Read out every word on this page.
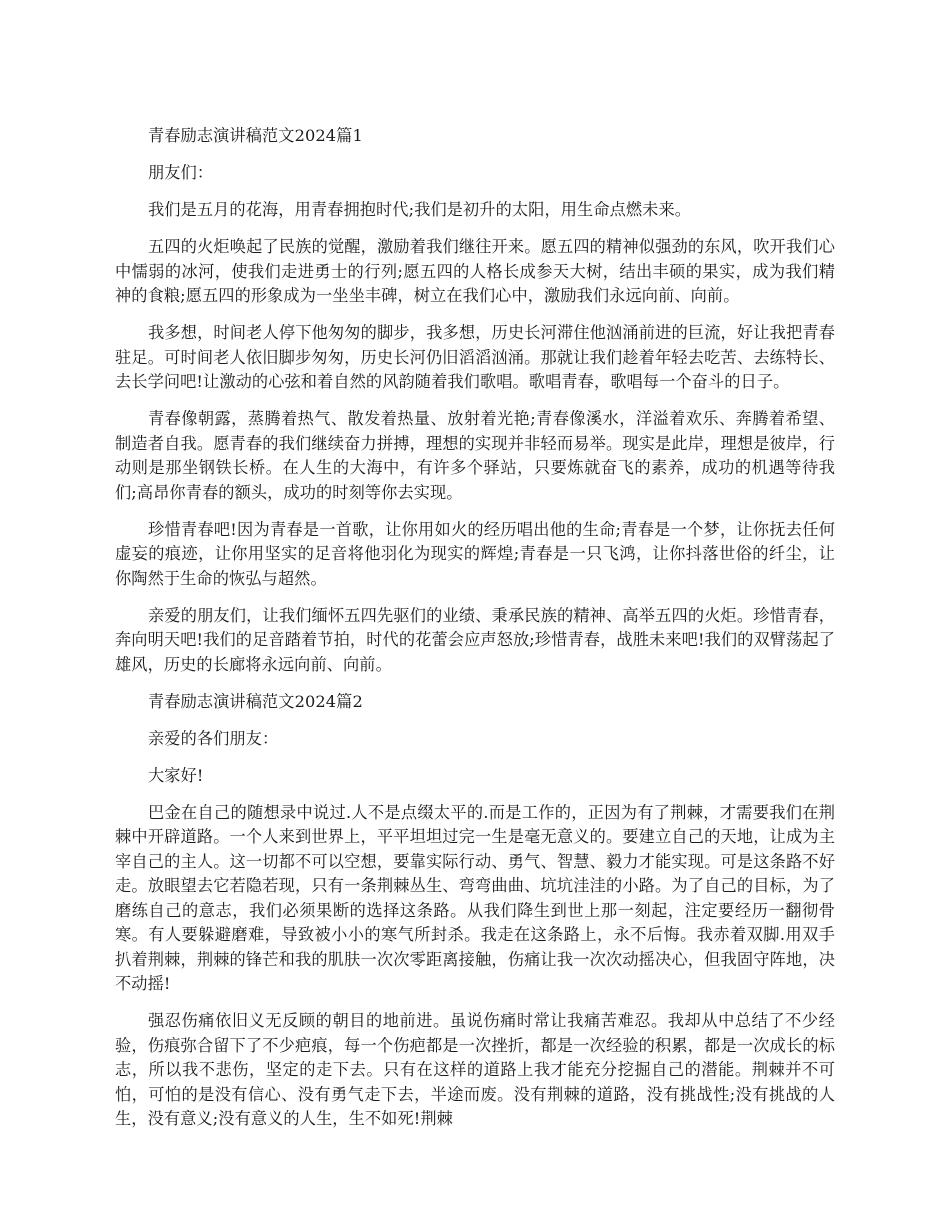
青春励志演讲稿范文2024篇1

朋友们：

我们是五月的花海，用青春拥抱时代;我们是初升的太阳，用生命点燃未来。

五四的火炬唤起了民族的觉醒，激励着我们继往开来。愿五四的精神似强劲的东风，吹开我们心中懦弱的冰河，使我们走进勇士的行列;愿五四的人格长成参天大树，结出丰硕的果实，成为我们精神的食粮;愿五四的形象成为一坐坐丰碑，树立在我们心中，激励我们永远向前、向前。

我多想，时间老人停下他匆匆的脚步，我多想，历史长河滞住他汹涌前进的巨流，好让我把青春驻足。可时间老人依旧脚步匆匆，历史长河仍旧滔滔汹涌。那就让我们趁着年轻去吃苦、去练特长、去长学问吧!让激动的心弦和着自然的风韵随着我们歌唱。歌唱青春，歌唱每一个奋斗的日子。

青春像朝露，蒸腾着热气、散发着热量、放射着光艳;青春像溪水，洋溢着欢乐、奔腾着希望、制造者自我。愿青春的我们继续奋力拼搏，理想的实现并非轻而易举。现实是此岸，理想是彼岸，行动则是那坐钢铁长桥。在人生的大海中，有许多个驿站，只要炼就奋飞的素养，成功的机遇等待我们;高昂你青春的额头，成功的时刻等你去实现。

珍惜青春吧!因为青春是一首歌，让你用如火的经历唱出他的生命;青春是一个梦，让你抚去任何虚妄的痕迹，让你用坚实的足音将他羽化为现实的辉煌;青春是一只飞鸿，让你抖落世俗的纤尘，让你陶然于生命的恢弘与超然。

亲爱的朋友们，让我们缅怀五四先驱们的业绩、秉承民族的精神、高举五四的火炬。珍惜青春，奔向明天吧!我们的足音踏着节拍，时代的花蕾会应声怒放;珍惜青春，战胜未来吧!我们的双臂荡起了雄风，历史的长廊将永远向前、向前。

青春励志演讲稿范文2024篇2

亲爱的各们朋友：

大家好!

巴金在自己的随想录中说过.人不是点缀太平的.而是工作的，正因为有了荆棘，才需要我们在荆棘中开辟道路。一个人来到世界上，平平坦坦过完一生是毫无意义的。要建立自己的天地，让成为主宰自己的主人。这一切都不可以空想，要靠实际行动、勇气、智慧、毅力才能实现。可是这条路不好走。放眼望去它若隐若现，只有一条荆棘丛生、弯弯曲曲、坑坑洼洼的小路。为了自己的目标，为了磨练自己的意志，我们必须果断的选择这条路。从我们降生到世上那一刻起，注定要经历一翻彻骨寒。有人要躲避磨难，导致被小小的寒气所封杀。我走在这条路上，永不后悔。我赤着双脚.用双手扒着荆棘，荆棘的锋芒和我的肌肤一次次零距离接触，伤痛让我一次次动摇决心，但我固守阵地，决不动摇!

强忍伤痛依旧义无反顾的朝目的地前进。虽说伤痛时常让我痛苦难忍。我却从中总结了不少经验，伤痕弥合留下了不少疤痕，每一个伤疤都是一次挫折，都是一次经验的积累，都是一次成长的标志，所以我不悲伤，坚定的走下去。只有在这样的道路上我才能充分挖掘自己的潜能。荆棘并不可怕，可怕的是没有信心、没有勇气走下去，半途而废。没有荆棘的道路，没有挑战性;没有挑战的人生，没有意义;没有意义的人生，生不如死!荆棘
